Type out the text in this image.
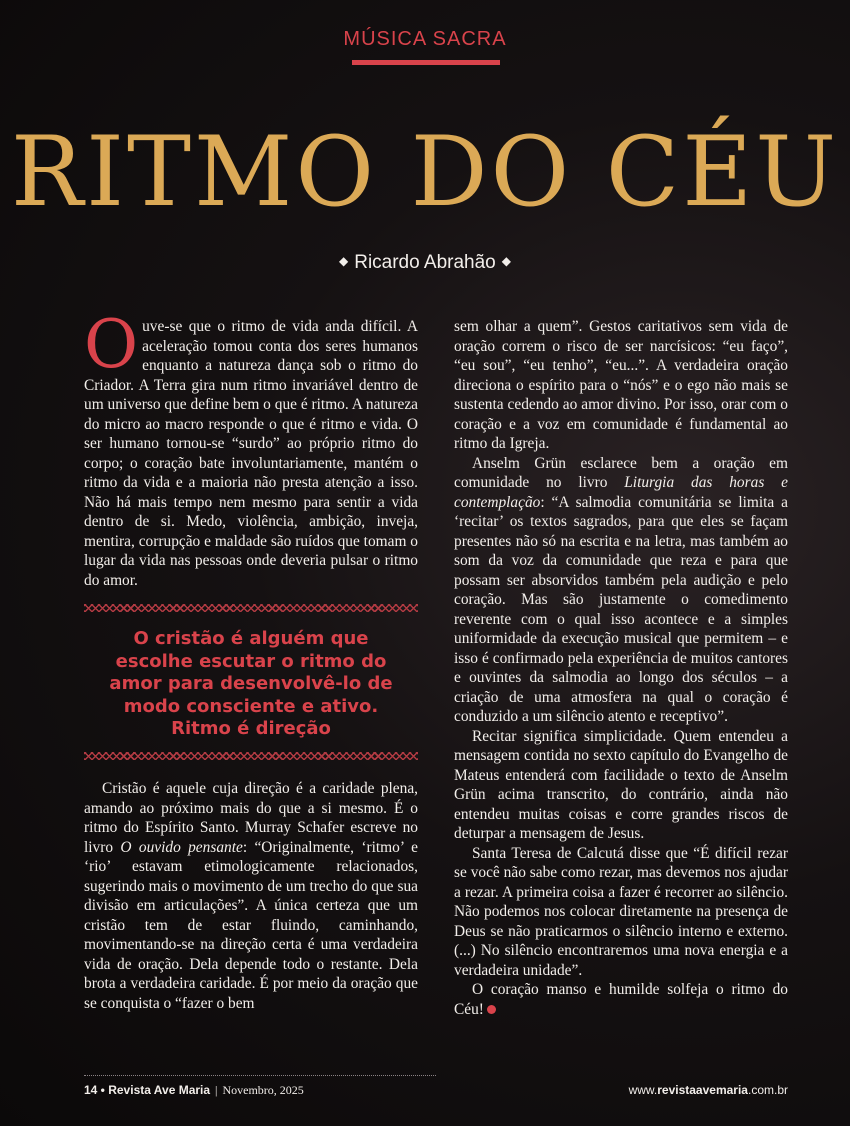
MÚSICA SACRA
RITMO DO CÉU
◆ Ricardo Abrahão ◆

Ouve-se que o ritmo de vida anda difícil. A aceleração tomou conta dos seres humanos enquanto a natureza dança sob o ritmo do Criador. A Terra gira num ritmo invariável dentro de um universo que define bem o que é ritmo. A natureza do micro ao macro responde o que é ritmo e vida. O ser humano tornou-se “surdo” ao próprio ritmo do corpo; o coração bate involuntariamente, mantém o ritmo da vida e a maioria não presta atenção a isso. Não há mais tempo nem mesmo para sentir a vida dentro de si. Medo, violência, ambição, inveja, mentira, corrupção e maldade são ruídos que tomam o lugar da vida nas pessoas onde deveria pulsar o ritmo do amor.

O cristão é alguém que escolhe escutar o ritmo do amor para desenvolvê-lo de modo consciente e ativo. Ritmo é direção

Cristão é aquele cuja direção é a caridade plena, amando ao próximo mais do que a si mesmo. É o ritmo do Espírito Santo. Murray Schafer escreve no livro O ouvido pensante: “Originalmente, ‘ritmo’ e ‘rio’ estavam etimologicamente relacionados, sugerindo mais o movimento de um trecho do que sua divisão em articulações”. A única certeza que um cristão tem de estar fluindo, caminhando, movimentando-se na direção certa é uma verdadeira vida de oração. Dela depende todo o restante. Dela brota a verdadeira caridade. É por meio da oração que se conquista o “fazer o bem

sem olhar a quem”. Gestos caritativos sem vida de oração correm o risco de ser narcísicos: “eu faço”, “eu sou”, “eu tenho”, “eu...”. A verdadeira oração direciona o espírito para o “nós” e o ego não mais se sustenta cedendo ao amor divino. Por isso, orar com o coração e a voz em comunidade é fundamental ao ritmo da Igreja.

Anselm Grün esclarece bem a oração em comunidade no livro Liturgia das horas e contemplação: “A salmodia comunitária se limita a ‘recitar’ os textos sagrados, para que eles se façam presentes não só na escrita e na letra, mas também ao som da voz da comunidade que reza e para que possam ser absorvidos também pela audição e pelo coração. Mas são justamente o comedimento reverente com o qual isso acontece e a simples uniformidade da execução musical que permitem – e isso é confirmado pela experiência de muitos cantores e ouvintes da salmodia ao longo dos séculos – a criação de uma atmosfera na qual o coração é conduzido a um silêncio atento e receptivo”.

Recitar significa simplicidade. Quem entendeu a mensagem contida no sexto capítulo do Evangelho de Mateus entenderá com facilidade o texto de Anselm Grün acima transcrito, do contrário, ainda não entendeu muitas coisas e corre grandes riscos de deturpar a mensagem de Jesus.

Santa Teresa de Calcutá disse que “É difícil rezar se você não sabe como rezar, mas devemos nos ajudar a rezar. A primeira coisa a fazer é recorrer ao silêncio. Não podemos nos colocar diretamente na presença de Deus se não praticarmos o silêncio interno e externo. (...) No silêncio encontraremos uma nova energia e a verdadeira unidade”.

O coração manso e humilde solfeja o ritmo do Céu!

14 • Revista Ave Maria | Novembro, 2025	www.revistaavemaria.com.br
